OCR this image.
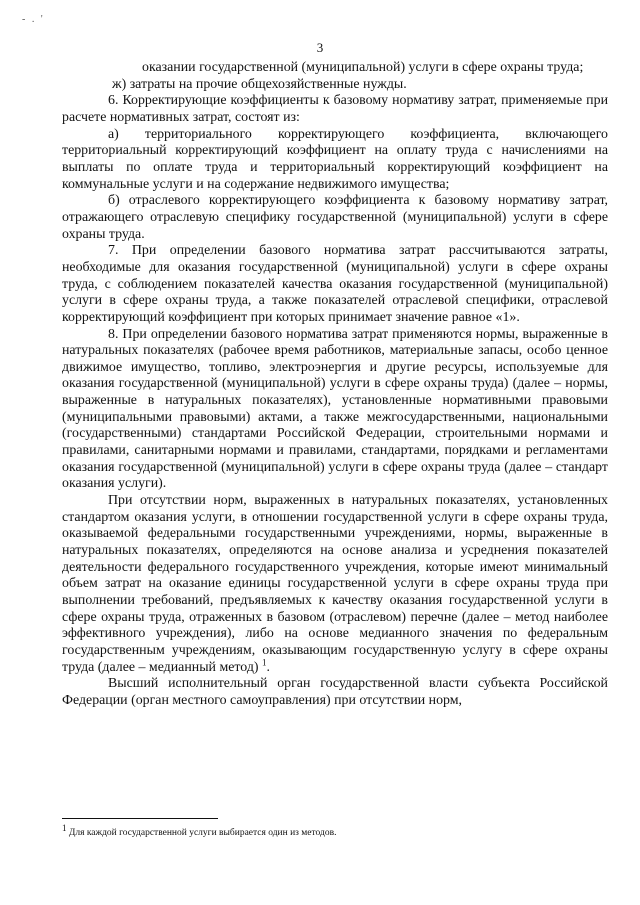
- . '
3

оказании государственной (муниципальной) услуги в сфере охраны труда;

ж) затраты на прочие общехозяйственные нужды.

6. Корректирующие коэффициенты к базовому нормативу затрат, применяемые при расчете нормативных затрат, состоят из:

а) территориального корректирующего коэффициента, включающего территориальный корректирующий коэффициент на оплату труда с начислениями на выплаты по оплате труда и территориальный корректирующий коэффициент на коммунальные услуги и на содержание недвижимого имущества;

б) отраслевого корректирующего коэффициента к базовому нормативу затрат, отражающего отраслевую специфику государственной (муниципальной) услуги в сфере охраны труда.

7. При определении базового норматива затрат рассчитываются затраты, необходимые для оказания государственной (муниципальной) услуги в сфере охраны труда, с соблюдением показателей качества оказания государственной (муниципальной) услуги в сфере охраны труда, а также показателей отраслевой специфики, отраслевой корректирующий коэффициент при которых принимает значение равное «1».

8. При определении базового норматива затрат применяются нормы, выраженные в натуральных показателях (рабочее время работников, материальные запасы, особо ценное движимое имущество, топливо, электроэнергия и другие ресурсы, используемые для оказания государственной (муниципальной) услуги в сфере охраны труда) (далее – нормы, выраженные в натуральных показателях), установленные нормативными правовыми (муниципальными правовыми) актами, а также межгосударственными, национальными (государственными) стандартами Российской Федерации, строительными нормами и правилами, санитарными нормами и правилами, стандартами, порядками и регламентами оказания государственной (муниципальной) услуги в сфере охраны труда (далее – стандарт оказания услуги).

При отсутствии норм, выраженных в натуральных показателях, установленных стандартом оказания услуги, в отношении государственной услуги в сфере охраны труда, оказываемой федеральными государственными учреждениями, нормы, выраженные в натуральных показателях, определяются на основе анализа и усреднения показателей деятельности федерального государственного учреждения, которые имеют минимальный объем затрат на оказание единицы государственной услуги в сфере охраны труда при выполнении требований, предъявляемых к качеству оказания государственной услуги в сфере охраны труда, отраженных в базовом (отраслевом) перечне (далее – метод наиболее эффективного учреждения), либо на основе медианного значения по федеральным государственным учреждениям, оказывающим государственную услугу в сфере охраны труда (далее – медианный метод) $^1$.

Высший исполнительный орган государственной власти субъекта Российской Федерации (орган местного самоуправления) при отсутствии норм,

1 Для каждой государственной услуги выбирается один из методов.
